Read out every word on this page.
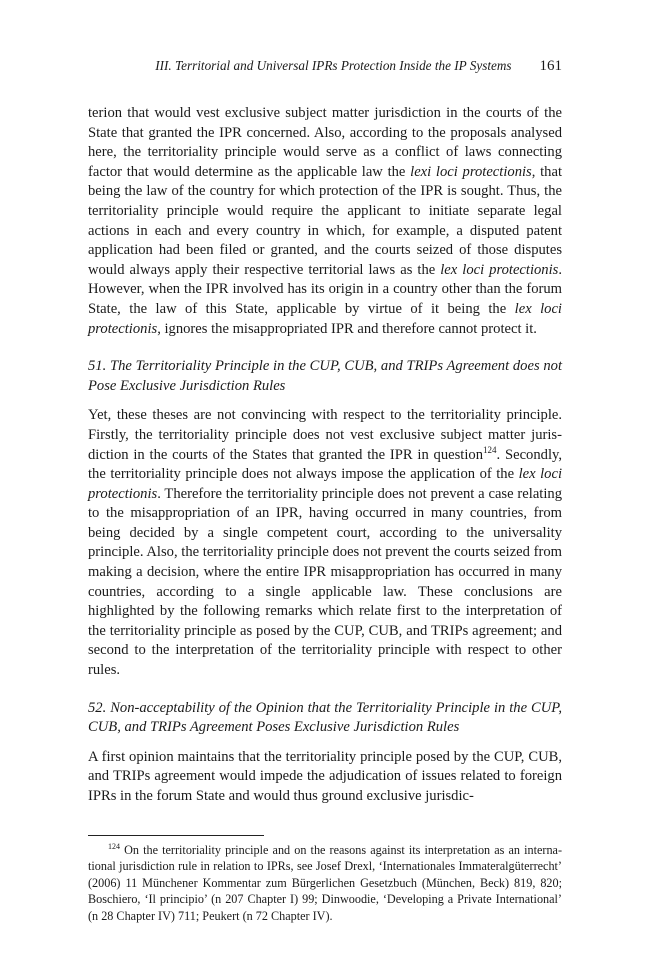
III. Territorial and Universal IPRs Protection Inside the IP Systems 161

terion that would vest exclusive subject matter jurisdiction in the courts of the State that granted the IPR concerned. Also, according to the proposals analysed here, the territoriality principle would serve as a conflict of laws connecting factor that would determine as the applicable law the lexi loci protectionis, that being the law of the country for which protection of the IPR is sought. Thus, the territoriality principle would require the applicant to initiate separate legal actions in each and every country in which, for example, a disputed patent application had been filed or granted, and the courts seized of those disputes would always apply their respective territorial laws as the lex loci protectionis. However, when the IPR involved has its origin in a country other than the forum State, the law of this State, applicable by virtue of it being the lex loci protectionis, ignores the misappropriated IPR and therefore cannot protect it.

51. The Territoriality Principle in the CUP, CUB, and TRIPs Agreement does not Pose Exclusive Jurisdiction Rules

Yet, these theses are not convincing with respect to the territoriality principle. Firstly, the territoriality principle does not vest exclusive subject matter jurisdiction in the courts of the States that granted the IPR in question$^{124}$. Secondly, the territoriality principle does not always impose the application of the lex loci protectionis. Therefore the territoriality principle does not prevent a case relating to the misappropriation of an IPR, having occurred in many countries, from being decided by a single competent court, according to the universality principle. Also, the territoriality principle does not prevent the courts seized from making a decision, where the entire IPR misappropriation has occurred in many countries, according to a single applicable law. These conclusions are highlighted by the following remarks which relate first to the interpretation of the territoriality principle as posed by the CUP, CUB, and TRIPs agreement; and second to the interpretation of the territoriality principle with respect to other rules.

52. Non-acceptability of the Opinion that the Territoriality Principle in the CUP, CUB, and TRIPs Agreement Poses Exclusive Jurisdiction Rules

A first opinion maintains that the territoriality principle posed by the CUP, CUB, and TRIPs agreement would impede the adjudication of issues related to foreign IPRs in the forum State and would thus ground exclusive jurisdic-

$^{124}$ On the territoriality principle and on the reasons against its interpretation as an international jurisdiction rule in relation to IPRs, see Josef Drexl, ‘Internationales Immateralgüterrecht’ (2006) 11 Münchener Kommentar zum Bürgerlichen Gesetzbuch (München, Beck) 819, 820; Boschiero, ‘Il principio’ (n 207 Chapter I) 99; Dinwoodie, ‘Developing a Private International’ (n 28 Chapter IV) 711; Peukert (n 72 Chapter IV).
